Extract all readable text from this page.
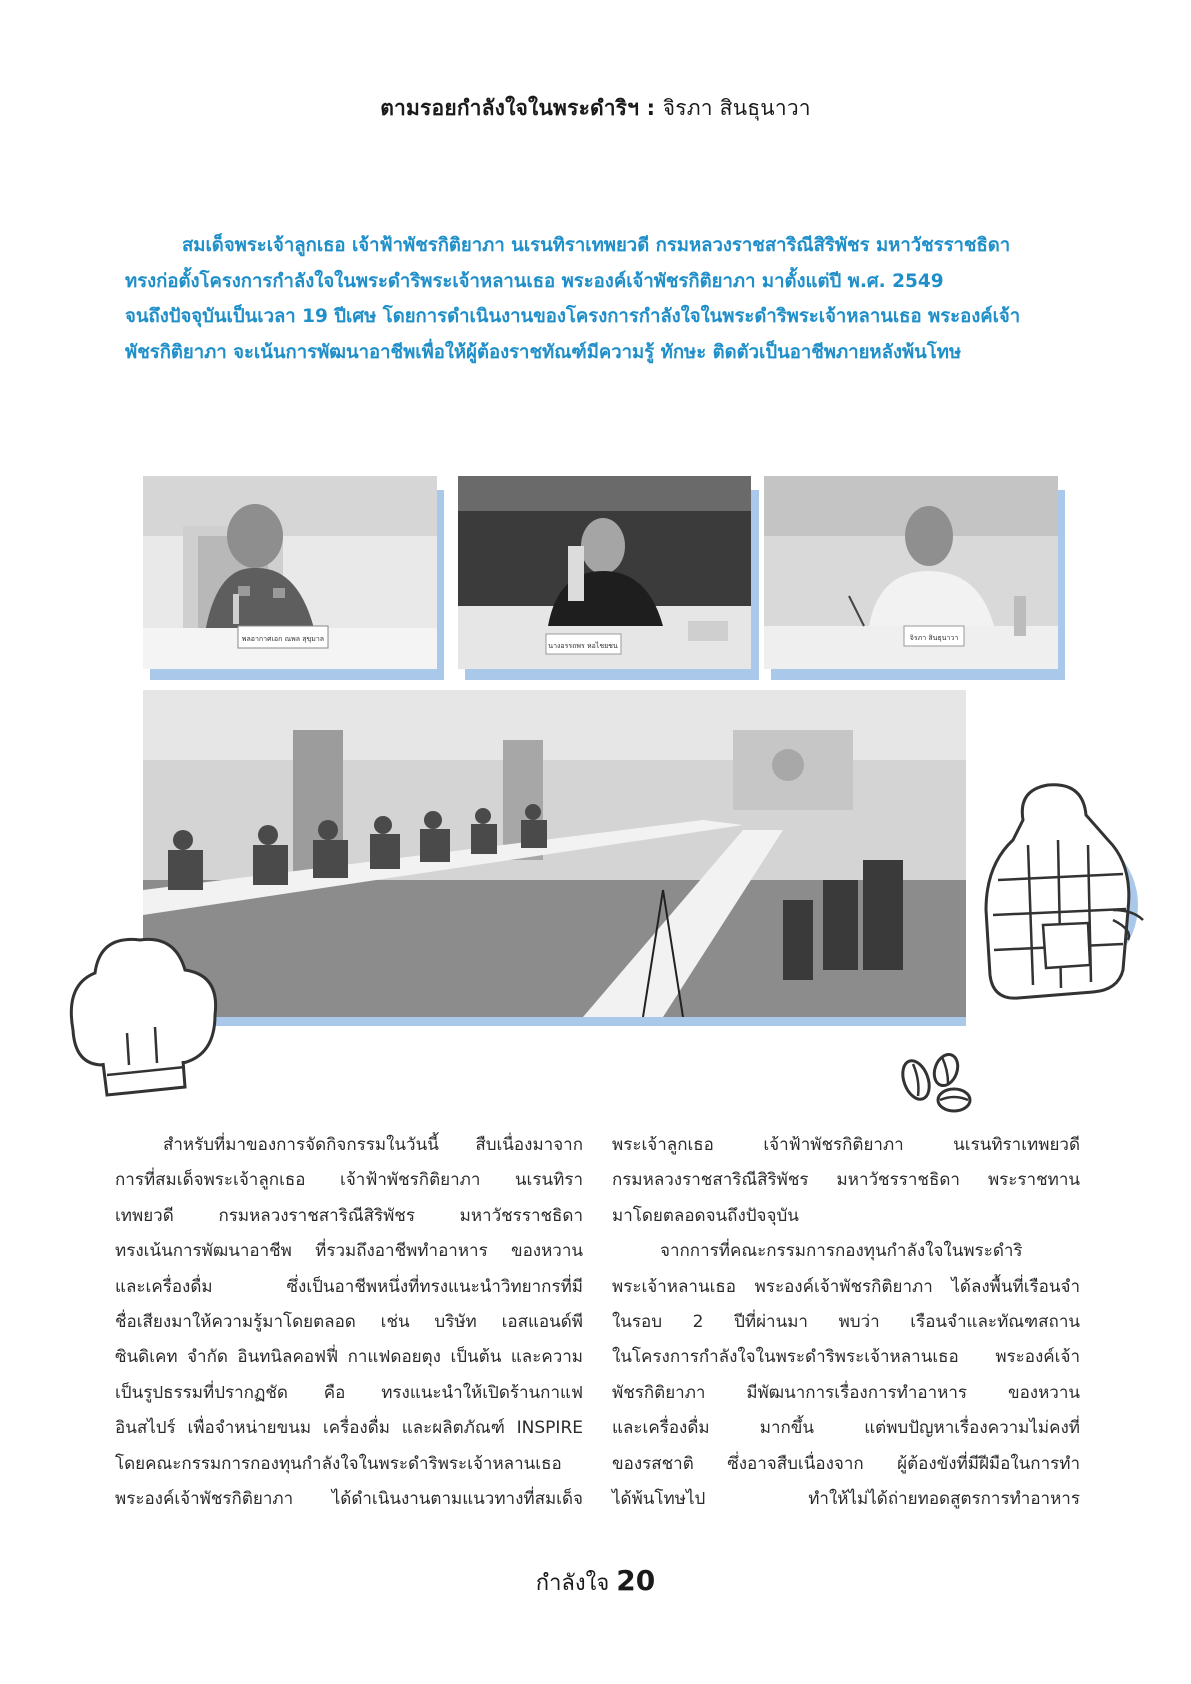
ตามรอยกำลังใจในพระดำริฯ : จิรภา สินธุนาวา
สมเด็จพระเจ้าลูกเธอ เจ้าฟ้าพัชรกิติยาภา นเรนทิราเทพยวดี กรมหลวงราชสาริณีสิริพัชร มหาวัชรราชธิดา
ทรงก่อตั้งโครงการกำลังใจในพระดำริพระเจ้าหลานเธอ พระองค์เจ้าพัชรกิติยาภา มาตั้งแต่ปี พ.ศ. 2549
จนถึงปัจจุบันเป็นเวลา 19 ปีเศษ โดยการดำเนินงานของโครงการกำลังใจในพระดำริพระเจ้าหลานเธอ พระองค์เจ้า
พัชรกิติยาภา จะเน้นการพัฒนาอาชีพเพื่อให้ผู้ต้องราชทัณฑ์มีความรู้ ทักษะ ติดตัวเป็นอาชีพภายหลังพ้นโทษ
พลอากาศเอก ณพล สุขุมาล
นางอรรถพร หอไชยชน
จิรภา สินธุนาวา
สำหรับที่มาของการจัดกิจกรรมในวันนี้ สืบเนื่องมาจาก
การที่สมเด็จพระเจ้าลูกเธอ เจ้าฟ้าพัชรกิติยาภา นเรนทิรา
เทพยวดี กรมหลวงราชสาริณีสิริพัชร มหาวัชรราชธิดา
ทรงเน้นการพัฒนาอาชีพ ที่รวมถึงอาชีพทำอาหาร ของหวาน
และเครื่องดื่ม ซึ่งเป็นอาชีพหนึ่งที่ทรงแนะนำวิทยากรที่มี
ชื่อเสียงมาให้ความรู้มาโดยตลอด เช่น บริษัท เอสแอนด์พี
ซินดิเคท จำกัด อินทนิลคอฟฟี่ กาแฟดอยตุง เป็นต้น และความ
เป็นรูปธรรมที่ปรากฏชัด คือ ทรงแนะนำให้เปิดร้านกาแฟ
อินสไปร์ เพื่อจำหน่ายขนม เครื่องดื่ม และผลิตภัณฑ์ INSPIRE
โดยคณะกรรมการกองทุนกำลังใจในพระดำริพระเจ้าหลานเธอ
พระองค์เจ้าพัชรกิติยาภา ได้ดำเนินงานตามแนวทางที่สมเด็จ
พระเจ้าลูกเธอ เจ้าฟ้าพัชรกิติยาภา นเรนทิราเทพยวดี
กรมหลวงราชสาริณีสิริพัชร มหาวัชรราชธิดา พระราชทาน
มาโดยตลอดจนถึงปัจจุบัน
จากการที่คณะกรรมการกองทุนกำลังใจในพระดำริ
พระเจ้าหลานเธอ พระองค์เจ้าพัชรกิติยาภา ได้ลงพื้นที่เรือนจำ
ในรอบ 2 ปีที่ผ่านมา พบว่า เรือนจำและทัณฑสถาน
ในโครงการกำลังใจในพระดำริพระเจ้าหลานเธอ พระองค์เจ้า
พัชรกิติยาภา มีพัฒนาการเรื่องการทำอาหาร ของหวาน
และเครื่องดื่ม มากขึ้น แต่พบปัญหาเรื่องความไม่คงที่
ของรสชาติ ซึ่งอาจสืบเนื่องจาก ผู้ต้องขังที่มีฝีมือในการทำ
ได้พ้นโทษไป ทำให้ไม่ได้ถ่ายทอดสูตรการทำอาหาร
กำลังใจ 20
